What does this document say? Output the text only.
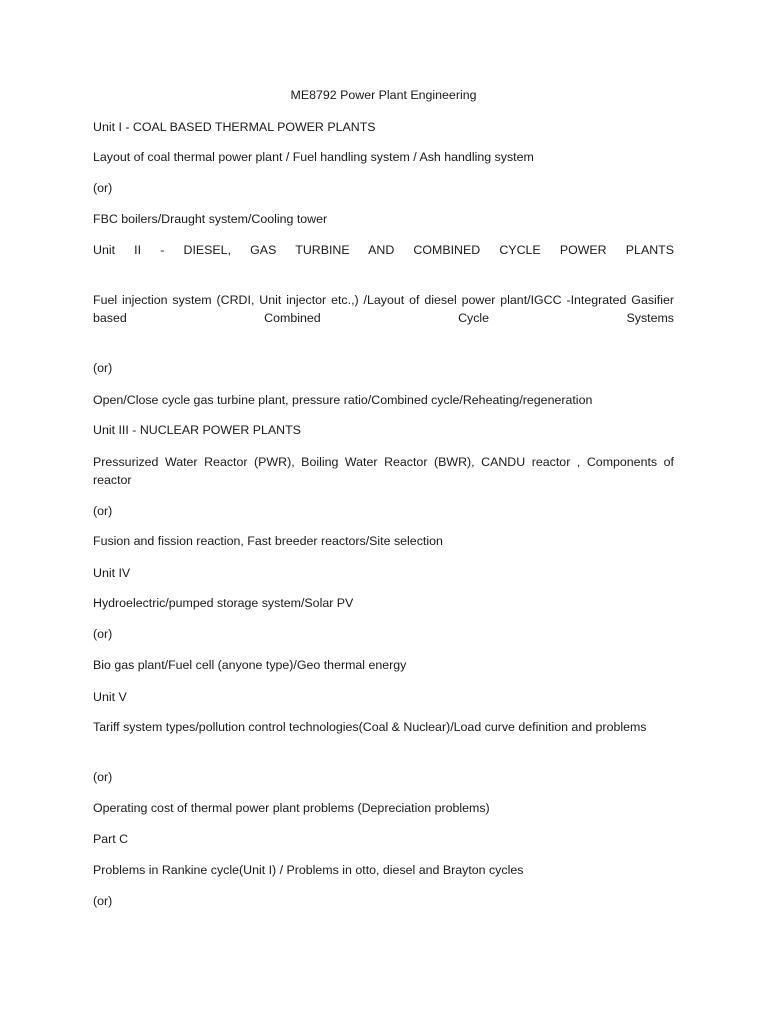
ME8792 Power Plant Engineering

Unit I - COAL BASED THERMAL POWER PLANTS

Layout of coal thermal power plant / Fuel handling system / Ash handling system

(or)

FBC boilers/Draught system/Cooling tower

Unit II - DIESEL, GAS TURBINE AND COMBINED CYCLE POWER PLANTS

Fuel injection system (CRDI, Unit injector etc.,) /Layout of diesel power plant/IGCC -Integrated Gasifier based Combined Cycle Systems

(or)

Open/Close cycle gas turbine plant, pressure ratio/Combined cycle/Reheating/regeneration

Unit III - NUCLEAR POWER PLANTS

Pressurized Water Reactor (PWR), Boiling Water Reactor (BWR), CANDU reactor , Components of reactor

(or)

Fusion and fission reaction, Fast breeder reactors/Site selection

Unit IV

Hydroelectric/pumped storage system/Solar PV

(or)

Bio gas plant/Fuel cell (anyone type)/Geo thermal energy

Unit V

Tariff system types/pollution control technologies(Coal & Nuclear)/Load curve definition and problems

(or)

Operating cost of thermal power plant problems (Depreciation problems)

Part C

Problems in Rankine cycle(Unit I) / Problems in otto, diesel and Brayton cycles

(or)
